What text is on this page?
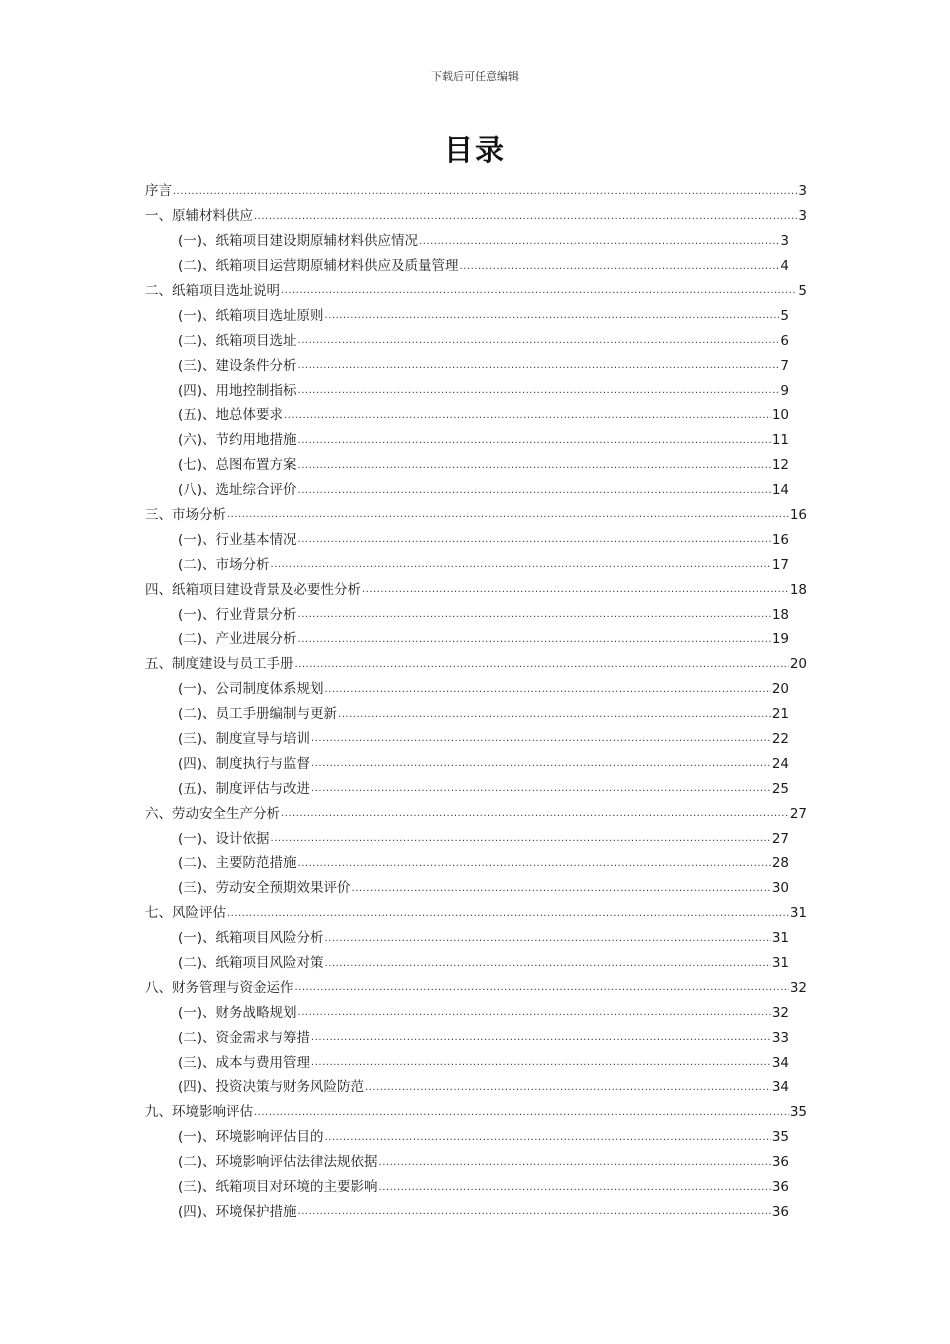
下载后可任意编辑
目录
序言 .....	3
一、原辅材料供应 .....	3
(一)、纸箱项目建设期原辅材料供应情况 .....	3
(二)、纸箱项目运营期原辅材料供应及质量管理 .....	4
二、纸箱项目选址说明 .....	5
(一)、纸箱项目选址原则 .....	5
(二)、纸箱项目选址 .....	6
(三)、建设条件分析 .....	7
(四)、用地控制指标 .....	9
(五)、地总体要求 .....	10
(六)、节约用地措施 .....	11
(七)、总图布置方案 .....	12
(八)、选址综合评价 .....	14
三、市场分析 .....	16
(一)、行业基本情况 .....	16
(二)、市场分析 .....	17
四、纸箱项目建设背景及必要性分析 .....	18
(一)、行业背景分析 .....	18
(二)、产业进展分析 .....	19
五、制度建设与员工手册 .....	20
(一)、公司制度体系规划 .....	20
(二)、员工手册编制与更新 .....	21
(三)、制度宣导与培训 .....	22
(四)、制度执行与监督 .....	24
(五)、制度评估与改进 .....	25
六、劳动安全生产分析 .....	27
(一)、设计依据 .....	27
(二)、主要防范措施 .....	28
(三)、劳动安全预期效果评价 .....	30
七、风险评估 .....	31
(一)、纸箱项目风险分析 .....	31
(二)、纸箱项目风险对策 .....	31
八、财务管理与资金运作 .....	32
(一)、财务战略规划 .....	32
(二)、资金需求与筹措 .....	33
(三)、成本与费用管理 .....	34
(四)、投资决策与财务风险防范 .....	34
九、环境影响评估 .....	35
(一)、环境影响评估目的 .....	35
(二)、环境影响评估法律法规依据 .....	36
(三)、纸箱项目对环境的主要影响 .....	36
(四)、环境保护措施 .....	36
